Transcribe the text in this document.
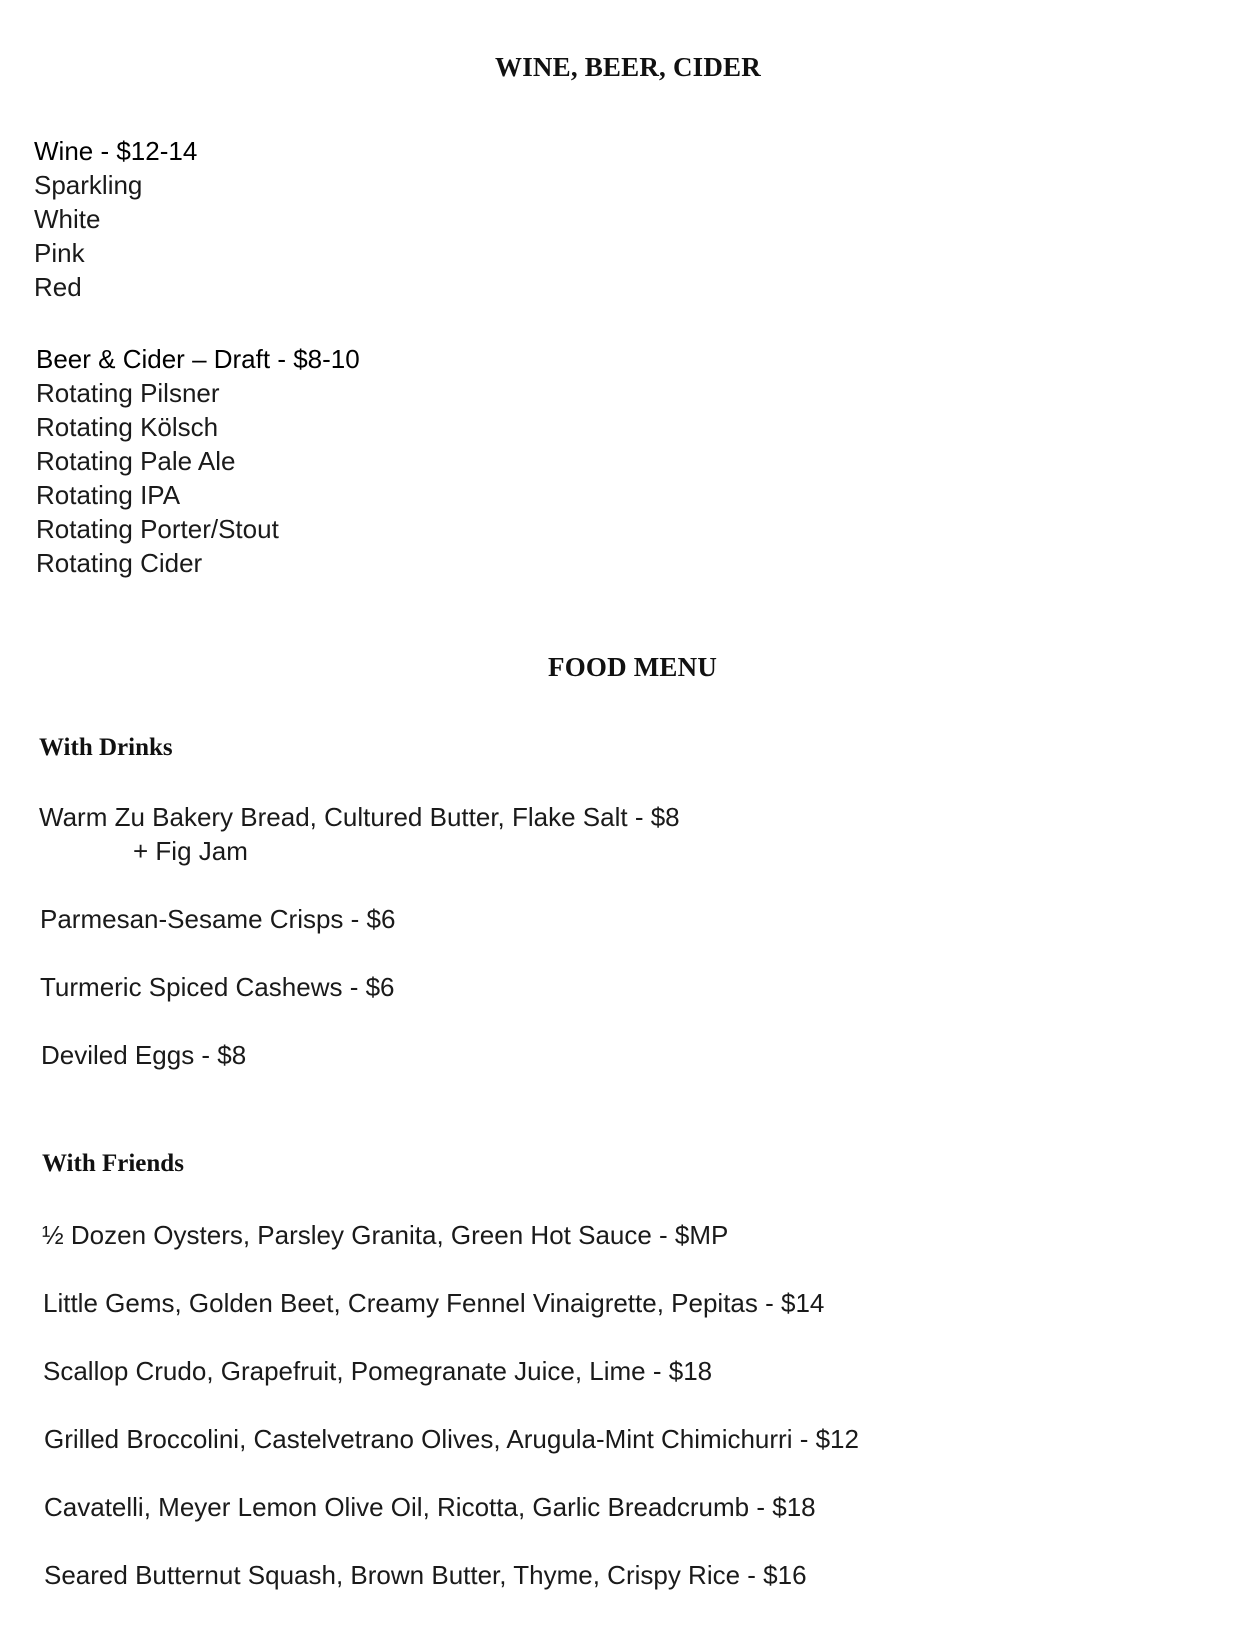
WINE, BEER, CIDER
Wine - $12-14
Sparkling
White
Pink
Red
Beer & Cider – Draft - $8-10
Rotating Pilsner
Rotating Kölsch
Rotating Pale Ale
Rotating IPA
Rotating Porter/Stout
Rotating Cider
FOOD MENU
With Drinks
Warm Zu Bakery Bread, Cultured Butter, Flake Salt - $8
+ Fig Jam
Parmesan-Sesame Crisps - $6
Turmeric Spiced Cashews - $6
Deviled Eggs - $8
With Friends
½ Dozen Oysters, Parsley Granita, Green Hot Sauce - $MP
Little Gems, Golden Beet, Creamy Fennel Vinaigrette, Pepitas - $14
Scallop Crudo, Grapefruit, Pomegranate Juice, Lime - $18
Grilled Broccolini, Castelvetrano Olives, Arugula-Mint Chimichurri - $12
Cavatelli, Meyer Lemon Olive Oil, Ricotta, Garlic Breadcrumb - $18
Seared Butternut Squash, Brown Butter, Thyme, Crispy Rice - $16
